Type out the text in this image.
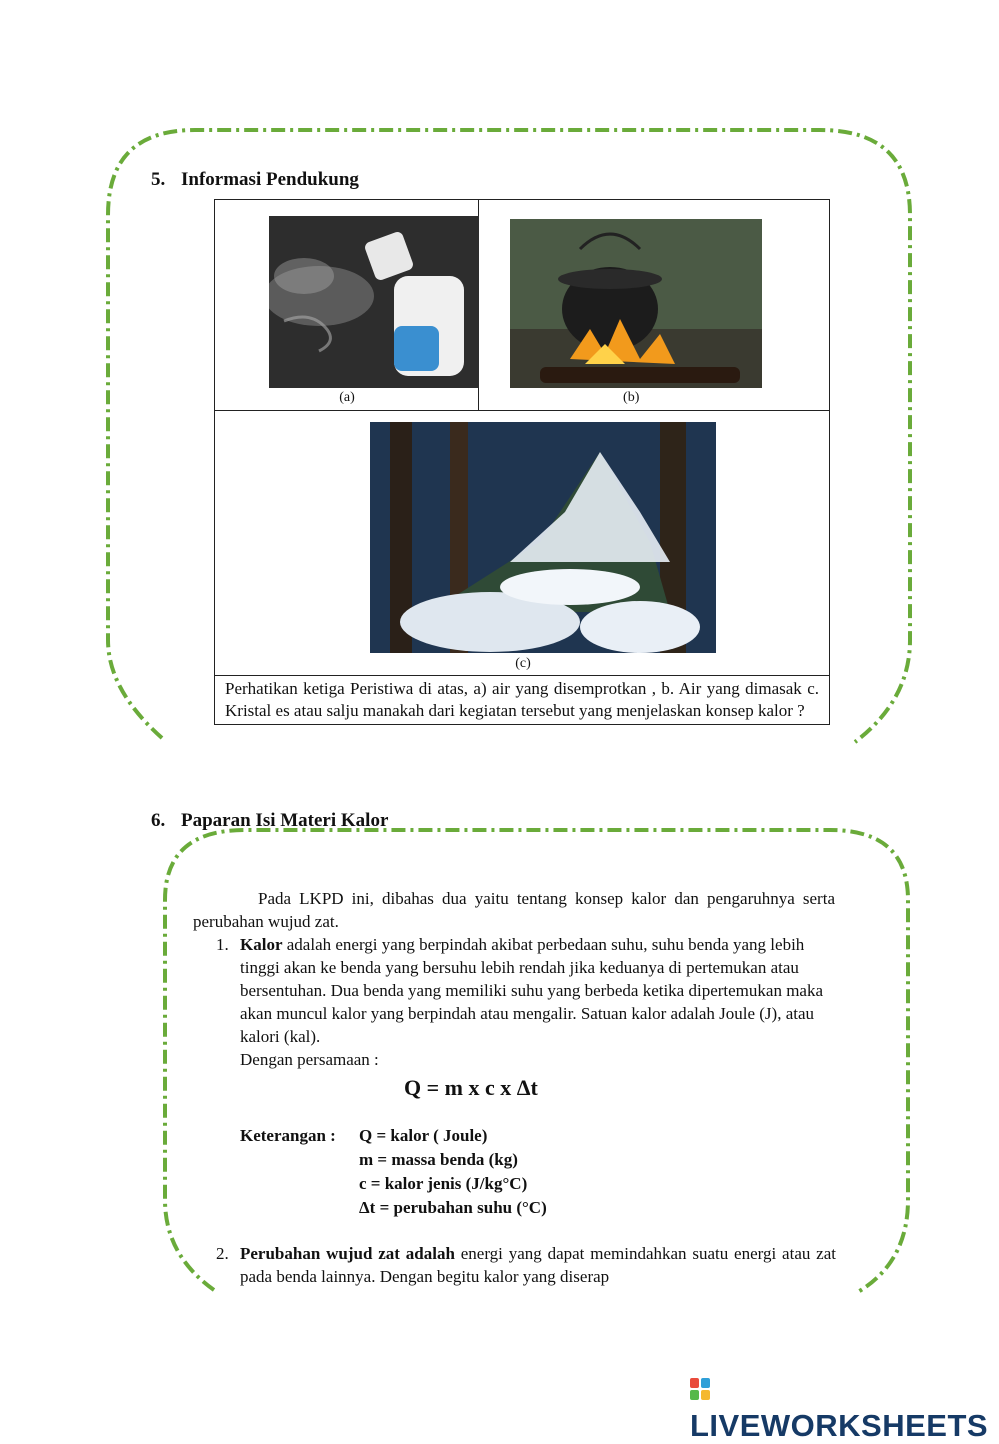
5. Informasi Pendukung
(a)	(b)

(c)

Perhatikan ketiga Peristiwa di atas, a) air yang disemprotkan , b. Air yang dimasak c. Kristal es atau salju manakah dari kegiatan tersebut yang menjelaskan konsep kalor ?
6. Paparan Isi Materi Kalor
Pada LKPD ini, dibahas dua yaitu tentang konsep kalor dan pengaruhnya serta perubahan wujud zat.
1. Kalor adalah energi yang berpindah akibat perbedaan suhu, suhu benda yang lebih tinggi akan ke benda yang bersuhu lebih rendah jika keduanya di pertemukan atau bersentuhan. Dua benda yang memiliki suhu yang berbeda ketika dipertemukan maka akan muncul kalor yang berpindah atau mengalir. Satuan kalor adalah Joule (J), atau kalori (kal).
Dengan persamaan :
Q = m x c x Δt
Keterangan : Q = kalor ( Joule)
m = massa benda (kg)
c = kalor jenis (J/kg°C)
Δt = perubahan suhu (°C)
2. Perubahan wujud zat adalah energi yang dapat memindahkan suatu energi atau zat pada benda lainnya. Dengan begitu kalor yang diserap
LIVEWORKSHEETS
